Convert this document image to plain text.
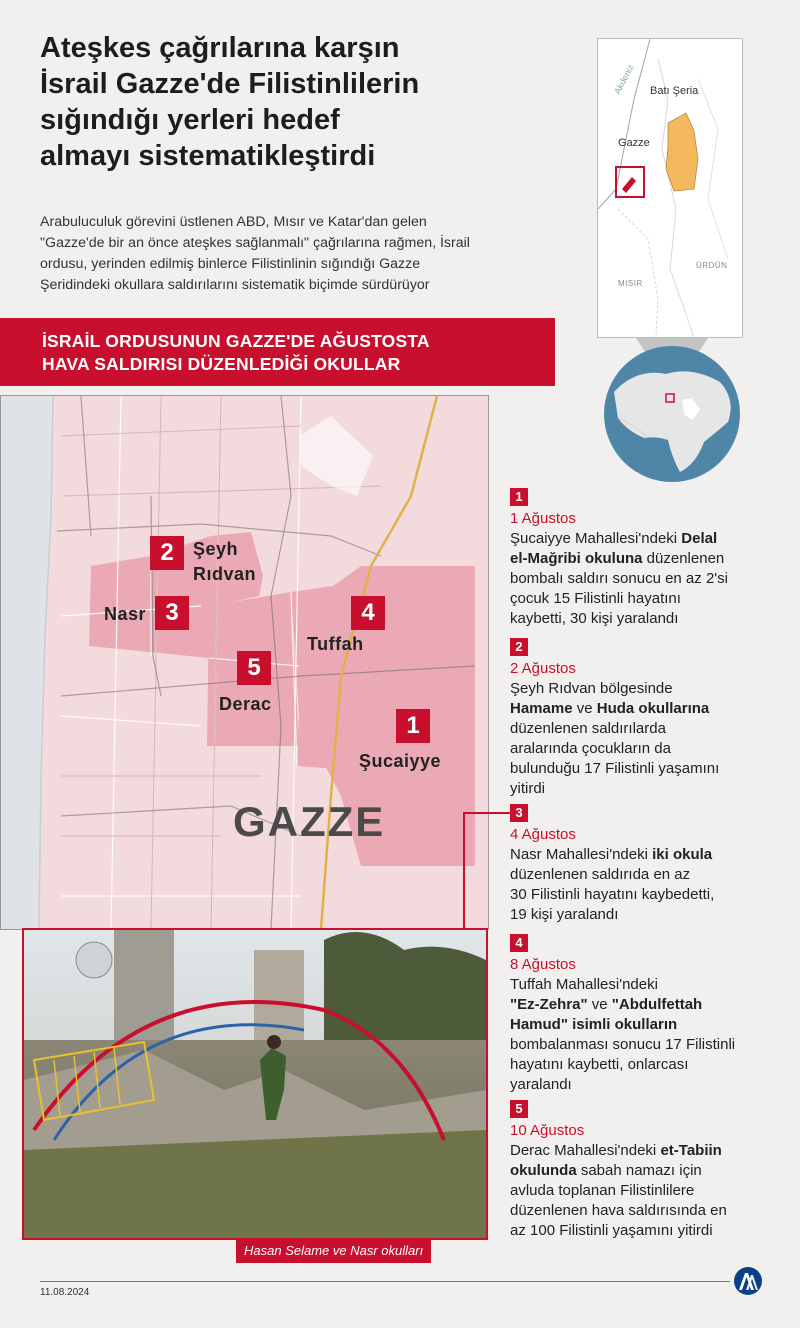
Ateşkes çağrılarına karşın
İsrail Gazze'de Filistinlilerin
sığındığı yerleri hedef
almayı sistematikleştirdi
Arabuluculuk görevini üstlenen ABD, Mısır ve Katar'dan gelen
"Gazze'de bir an önce ateşkes sağlanmalı" çağrılarına rağmen, İsrail
ordusu, yerinden edilmiş binlerce Filistinlinin sığındığı Gazze
Şeridindeki okullara saldırılarını sistematik biçimde sürdürüyor
İSRAİL ORDUSUNUN GAZZE'DE AĞUSTOSTA
HAVA SALDIRISI DÜZENLEDİĞİ OKULLAR
Akdeniz Batı Şeria
Gazze
MISIR
ÜRDÜN
2	Şeyh
Rıdvan
3
Nasr	4
Tuffah
5
Derac
1
Şucaiyye
GAZZE
Hasan Selame ve Nasr okulları
1
1 Ağustos
Şucaiyye Mahallesi'ndeki Delal
el-Mağribi okuluna düzenlenen
bombalı saldırı sonucu en az 2'si
çocuk 15 Filistinli hayatını
kaybetti, 30 kişi yaralandı
2
2 Ağustos
Şeyh Rıdvan bölgesinde
Hamame ve Huda okullarına
düzenlenen saldırılarda
aralarında çocukların da
bulunduğu 17 Filistinli yaşamını
yitirdi
3
4 Ağustos
Nasr Mahallesi'ndeki iki okula
düzenlenen saldırıda en az
30 Filistinli hayatını kaybedetti,
19 kişi yaralandı
4
8 Ağustos
Tuffah Mahallesi'ndeki
"Ez-Zehra" ve "Abdulfettah
Hamud" isimli okulların
bombalanması sonucu 17 Filistinli
hayatını kaybetti, onlarcası
yaralandı
5
10 Ağustos
Derac Mahallesi'ndeki et-Tabiin
okulunda sabah namazı için
avluda toplanan Filistinlilere
düzenlenen hava saldırısında en
az 100 Filistinli yaşamını yitirdi
11.08.2024	AA
